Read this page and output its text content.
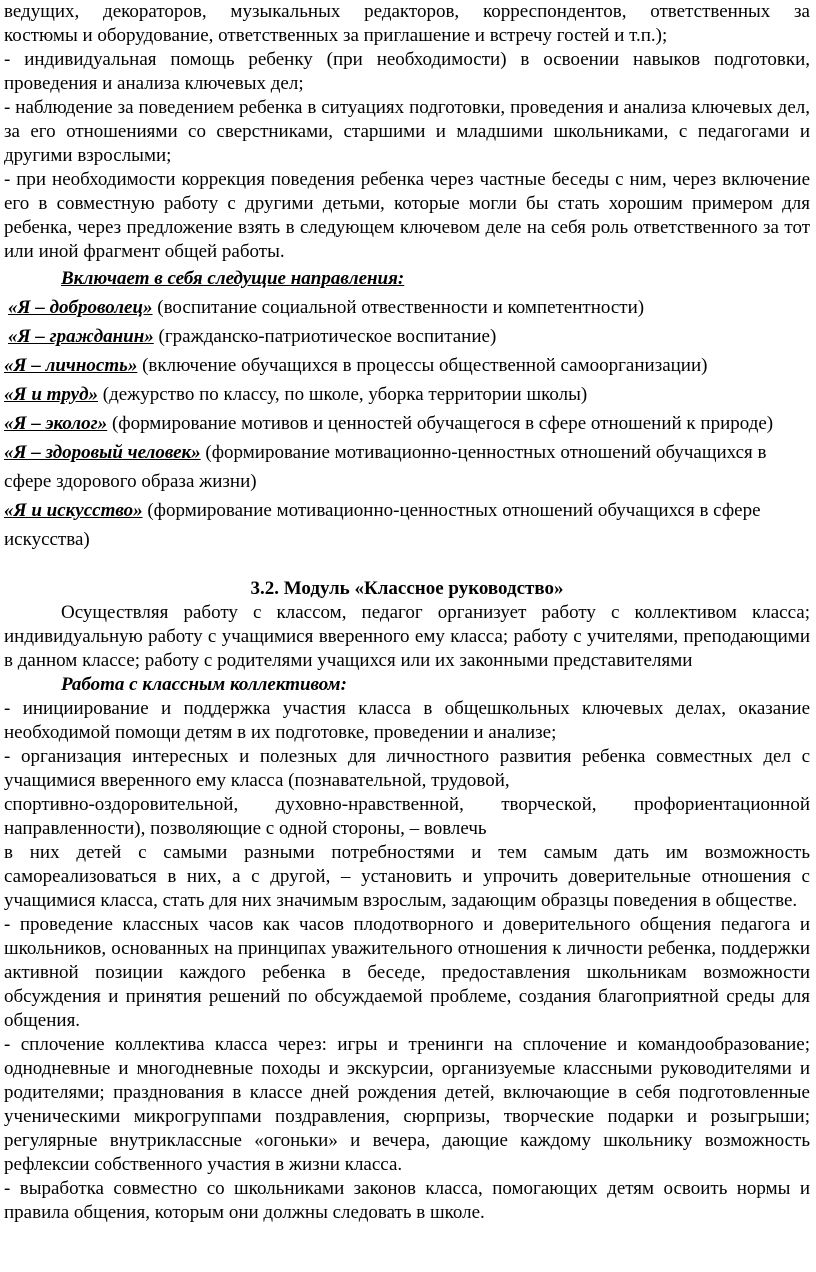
ведущих, декораторов, музыкальных редакторов, корреспондентов, ответственных за

костюмы и оборудование, ответственных за приглашение и встречу гостей и т.п.);

- индивидуальная помощь ребенку (при необходимости) в освоении навыков подготовки, проведения и анализа ключевых дел;

- наблюдение за поведением ребенка в ситуациях подготовки, проведения и анализа ключевых дел, за его отношениями со сверстниками, старшими и младшими школьниками, с педагогами и другими взрослыми;

- при необходимости коррекция поведения ребенка через частные беседы с ним, через включение его в совместную работу с другими детьми, которые могли бы стать хорошим примером для ребенка, через предложение взять в следующем ключевом деле на себя роль ответственного за тот или иной фрагмент общей работы.

Включает в себя следущие направления:

«Я – доброволец» (воспитание социальной отвественности и компетентности)

«Я – гражданин» (гражданско-патриотическое воспитание)

«Я – личность» (включение обучащихся в процессы общественной самоорганизации)

«Я и труд» (дежурство по классу, по школе, уборка территории школы)

«Я – эколог» (формирование мотивов и ценностей обучащегося в сфере отношений к природе)

«Я – здоровый человек» (формирование мотивационно-ценностных отношений обучащихся в сфере здорового образа жизни)

«Я и искусство» (формирование мотивационно-ценностных отношений обучащихся в сфере искусства)

3.2. Модуль «Классное руководство»

Осуществляя работу с классом, педагог организует работу с коллективом класса; индивидуальную работу с учащимися вверенного ему класса; работу с учителями, преподающими в данном классе; работу с родителями учащихся или их законными представителями

Работа с классным коллективом:

- инициирование и поддержка участия класса в общешкольных ключевых делах, оказание необходимой помощи детям в их подготовке, проведении и анализе;

- организация интересных и полезных для личностного развития ребенка совместных дел с учащимися вверенного ему класса (познавательной, трудовой,

спортивно-оздоровительной, духовно-нравственной, творческой, профориентационной направленности), позволяющие с одной стороны, – вовлечь

в них детей с самыми разными потребностями и тем самым дать им возможность самореализоваться в них, а с другой, – установить и упрочить доверительные отношения с учащимися класса, стать для них значимым взрослым, задающим образцы поведения в обществе.

- проведение классных часов как часов плодотворного и доверительного общения педагога и школьников, основанных на принципах уважительного отношения к личности ребенка, поддержки активной позиции каждого ребенка в беседе, предоставления школьникам возможности обсуждения и принятия решений по обсуждаемой проблеме, создания благоприятной среды для общения.

- сплочение коллектива класса через: игры и тренинги на сплочение и командообразование; однодневные и многодневные походы и экскурсии, организуемые классными руководителями и родителями; празднования в классе дней рождения детей, включающие в себя подготовленные ученическими микрогруппами поздравления, сюрпризы, творческие подарки и розыгрыши; регулярные внутриклассные «огоньки» и вечера, дающие каждому школьнику возможность рефлексии собственного участия в жизни класса.

- выработка совместно со школьниками законов класса, помогающих детям освоить нормы и правила общения, которым они должны следовать в школе.
